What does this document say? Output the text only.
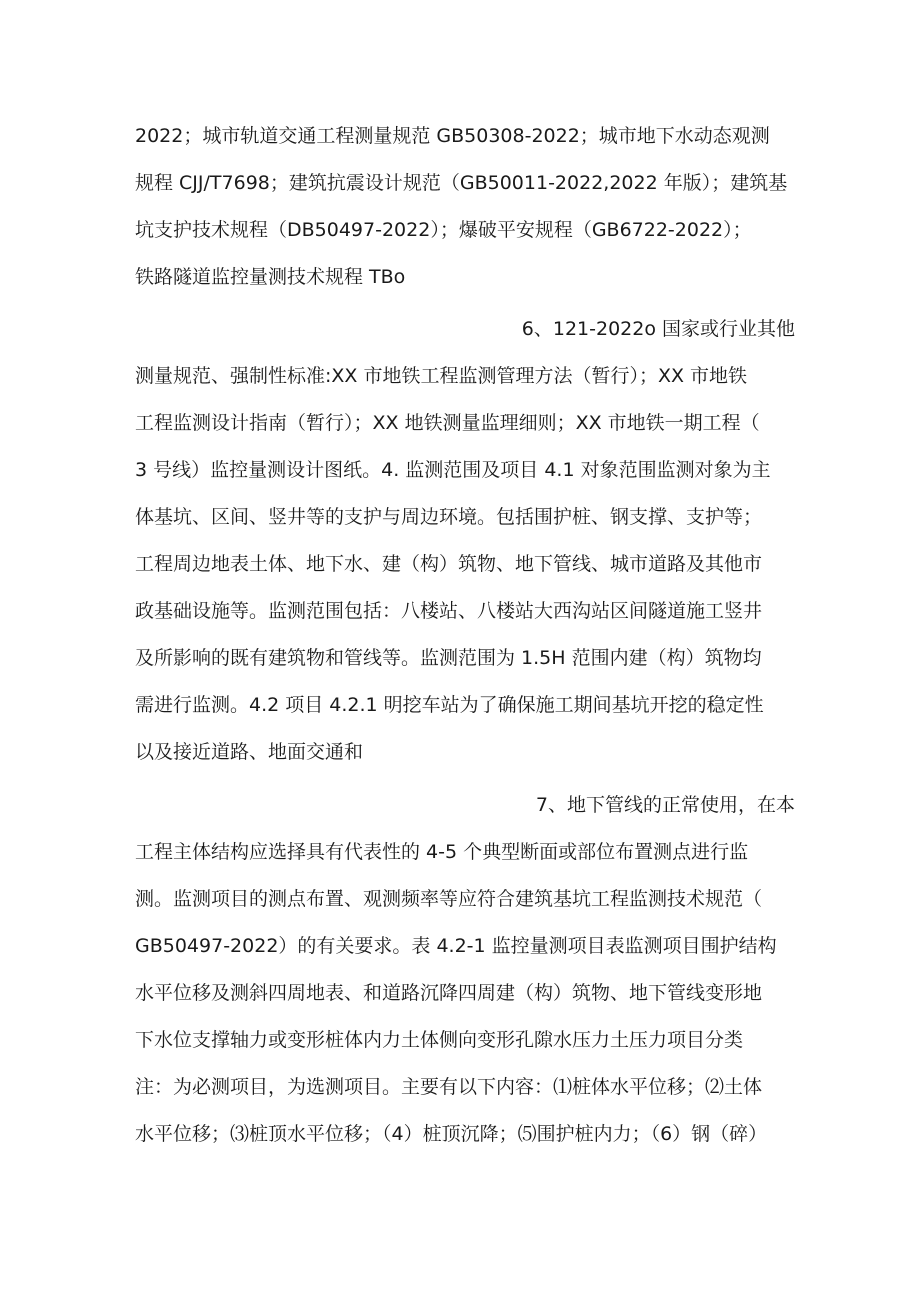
2022；城市轨道交通工程测量规范 GB50308-2022；城市地下水动态观测
规程 CJJ/T7698；建筑抗震设计规范（GB50011-2022,2022 年版）；建筑基
坑支护技术规程（DB50497-2022）；爆破平安规程（GB6722-2022）；
铁路隧道监控量测技术规程 TBo
6、121-2022o 国家或行业其他
测量规范、强制性标准:XX 市地铁工程监测管理方法（暂行）；XX 市地铁
工程监测设计指南（暂行）；XX 地铁测量监理细则；XX 市地铁一期工程（
3 号线）监控量测设计图纸。4. 监测范围及项目 4.1 对象范围监测对象为主
体基坑、区间、竖井等的支护与周边环境。包括围护桩、钢支撑、支护等；
工程周边地表土体、地下水、建（构）筑物、地下管线、城市道路及其他市
政基础设施等。监测范围包括：八楼站、八楼站大西沟站区间隧道施工竖井
及所影响的既有建筑物和管线等。监测范围为 1.5H 范围内建（构）筑物均
需进行监测。4.2 项目 4.2.1 明挖车站为了确保施工期间基坑开挖的稳定性
以及接近道路、地面交通和
7、地下管线的正常使用，在本
工程主体结构应选择具有代表性的 4-5 个典型断面或部位布置测点进行监
测。监测项目的测点布置、观测频率等应符合建筑基坑工程监测技术规范（
GB50497-2022）的有关要求。表 4.2-1 监控量测项目表监测项目围护结构
水平位移及测斜四周地表、和道路沉降四周建（构）筑物、地下管线变形地
下水位支撑轴力或变形桩体内力土体侧向变形孔隙水压力土压力项目分类
注：为必测项目，为选测项目。主要有以下内容：⑴桩体水平位移；⑵土体
水平位移；⑶桩顶水平位移；（4）桩顶沉降；⑸围护桩内力；（6）钢（碎）
